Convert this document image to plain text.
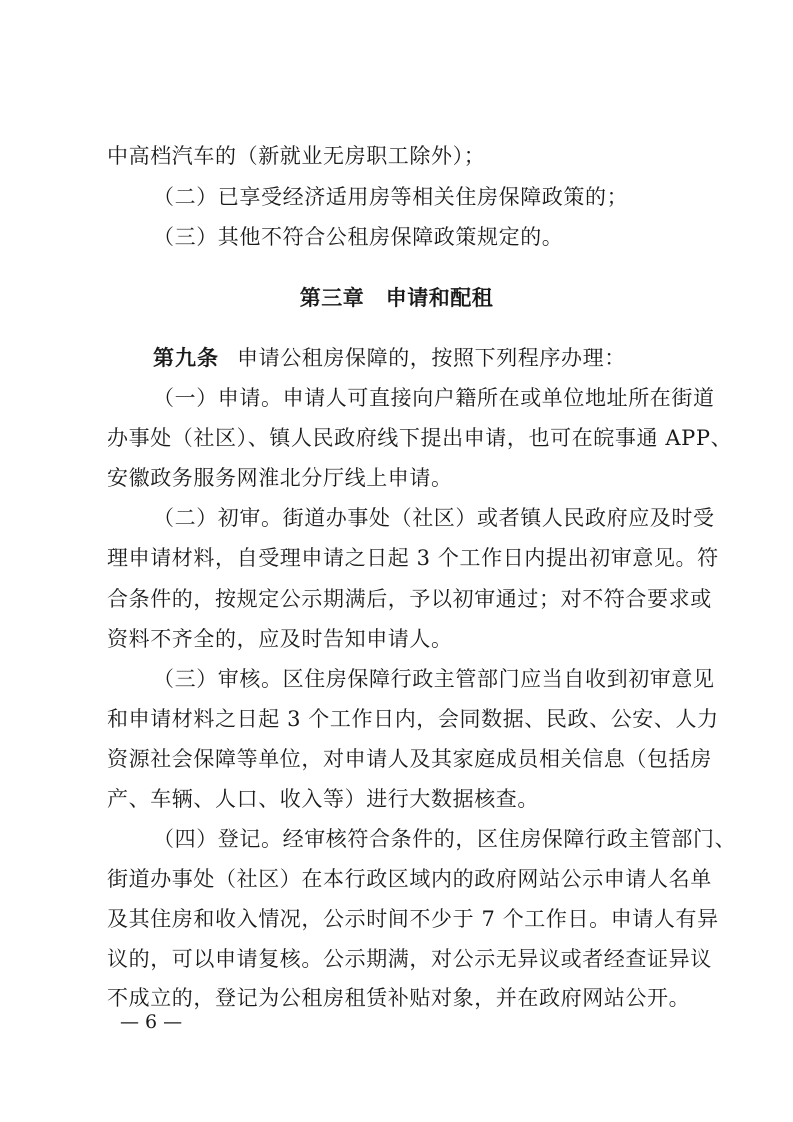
中高档汽车的（新就业无房职工除外）；
（二）已享受经济适用房等相关住房保障政策的；
（三）其他不符合公租房保障政策规定的。
第三章　申请和配租
第九条 申请公租房保障的，按照下列程序办理：
（一）申请。申请人可直接向户籍所在或单位地址所在街道
办事处（社区）、镇人民政府线下提出申请，也可在皖事通 APP、
安徽政务服务网淮北分厅线上申请。
（二）初审。街道办事处（社区）或者镇人民政府应及时受
理申请材料，自受理申请之日起 3 个工作日内提出初审意见。符
合条件的，按规定公示期满后，予以初审通过；对不符合要求或
资料不齐全的，应及时告知申请人。
（三）审核。区住房保障行政主管部门应当自收到初审意见
和申请材料之日起 3 个工作日内，会同数据、民政、公安、人力
资源社会保障等单位，对申请人及其家庭成员相关信息（包括房
产、车辆、人口、收入等）进行大数据核查。
（四）登记。经审核符合条件的，区住房保障行政主管部门、
街道办事处（社区）在本行政区域内的政府网站公示申请人名单
及其住房和收入情况，公示时间不少于 7 个工作日。申请人有异
议的，可以申请复核。公示期满，对公示无异议或者经查证异议
不成立的，登记为公租房租赁补贴对象，并在政府网站公开。
— 6 —
